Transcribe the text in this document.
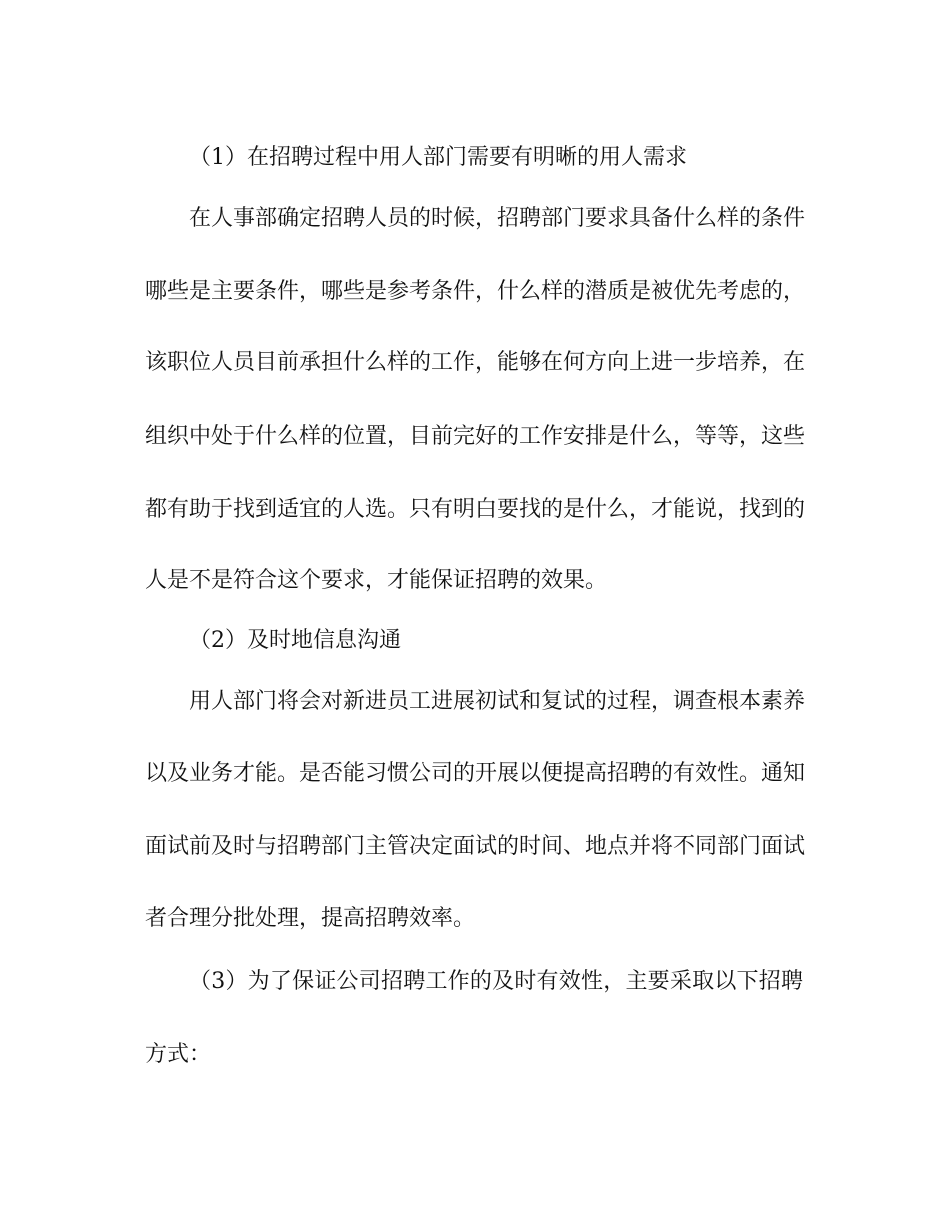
（1）在招聘过程中用人部门需要有明晰的用人需求
在人事部确定招聘人员的时候，招聘部门要求具备什么样的条件
哪些是主要条件，哪些是参考条件，什么样的潜质是被优先考虑的，
该职位人员目前承担什么样的工作，能够在何方向上进一步培养，在
组织中处于什么样的位置，目前完好的工作安排是什么，等等，这些
都有助于找到适宜的人选。只有明白要找的是什么，才能说，找到的
人是不是符合这个要求，才能保证招聘的效果。
（2）及时地信息沟通
用人部门将会对新进员工进展初试和复试的过程，调查根本素养
以及业务才能。是否能习惯公司的开展以便提高招聘的有效性。通知
面试前及时与招聘部门主管决定面试的时间、地点并将不同部门面试
者合理分批处理，提高招聘效率。
（3）为了保证公司招聘工作的及时有效性，主要采取以下招聘
方式：
